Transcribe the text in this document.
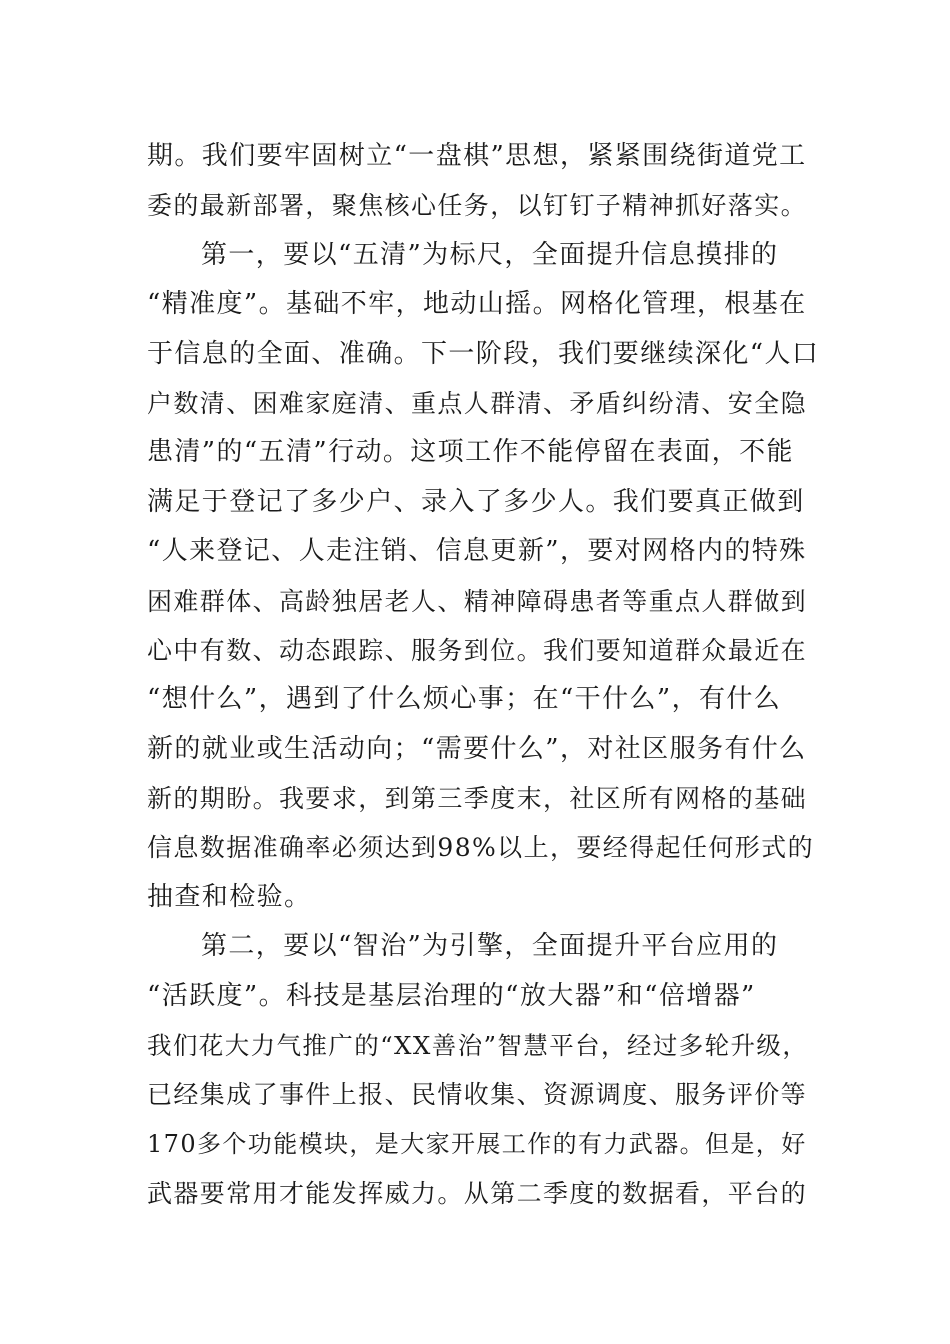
期。我们要牢固树立“一盘棋”思想，紧紧围绕街道党工
委的最新部署，聚焦核心任务，以钉钉子精神抓好落实。
第一，要以“五清”为标尺，全面提升信息摸排的
“精准度”。基础不牢，地动山摇。网格化管理，根基在
于信息的全面、准确。下一阶段，我们要继续深化“人口
户数清、困难家庭清、重点人群清、矛盾纠纷清、安全隐
患清”的“五清”行动。这项工作不能停留在表面，不能
满足于登记了多少户、录入了多少人。我们要真正做到
“人来登记、人走注销、信息更新”，要对网格内的特殊
困难群体、高龄独居老人、精神障碍患者等重点人群做到
心中有数、动态跟踪、服务到位。我们要知道群众最近在
“想什么”，遇到了什么烦心事；在“干什么”，有什么
新的就业或生活动向；“需要什么”，对社区服务有什么
新的期盼。我要求，到第三季度末，社区所有网格的基础
信息数据准确率必须达到98%以上，要经得起任何形式的
抽查和检验。
第二，要以“智治”为引擎，全面提升平台应用的
“活跃度”。科技是基层治理的“放大器”和“倍增器”
我们花大力气推广的“XX善治”智慧平台，经过多轮升级，
已经集成了事件上报、民情收集、资源调度、服务评价等
170多个功能模块，是大家开展工作的有力武器。但是，好
武器要常用才能发挥威力。从第二季度的数据看，平台的
